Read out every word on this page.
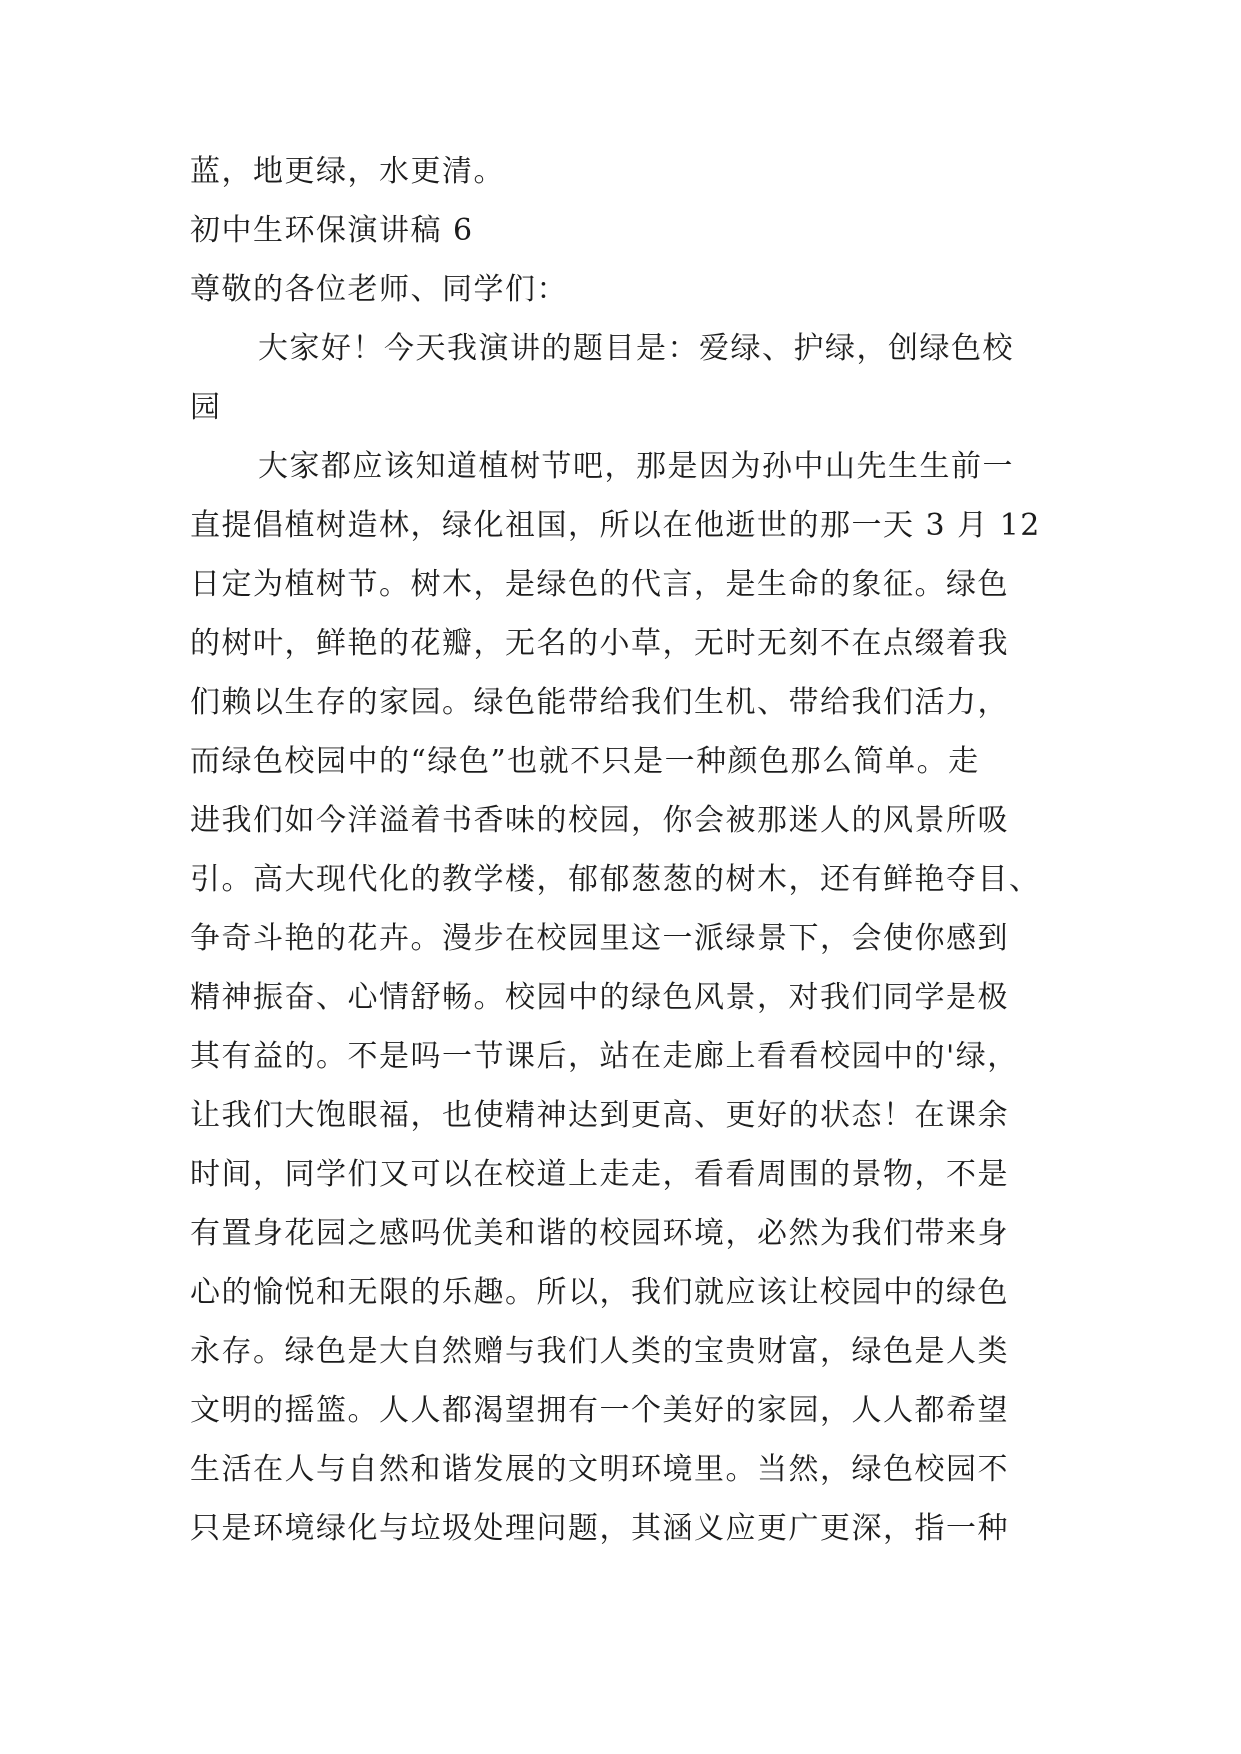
蓝，地更绿，水更清。
初中生环保演讲稿 6
尊敬的各位老师、同学们：
大家好！今天我演讲的题目是：爱绿、护绿，创绿色校
园
大家都应该知道植树节吧，那是因为孙中山先生生前一
直提倡植树造林，绿化祖国，所以在他逝世的那一天 3 月 12
日定为植树节。树木，是绿色的代言，是生命的象征。绿色
的树叶，鲜艳的花瓣，无名的小草，无时无刻不在点缀着我
们赖以生存的家园。绿色能带给我们生机、带给我们活力，
而绿色校园中的“绿色”也就不只是一种颜色那么简单。走
进我们如今洋溢着书香味的校园，你会被那迷人的风景所吸
引。高大现代化的教学楼，郁郁葱葱的树木，还有鲜艳夺目、
争奇斗艳的花卉。漫步在校园里这一派绿景下，会使你感到
精神振奋、心情舒畅。校园中的绿色风景，对我们同学是极
其有益的。不是吗一节课后，站在走廊上看看校园中的'绿，
让我们大饱眼福，也使精神达到更高、更好的状态！在课余
时间，同学们又可以在校道上走走，看看周围的景物，不是
有置身花园之感吗优美和谐的校园环境，必然为我们带来身
心的愉悦和无限的乐趣。所以，我们就应该让校园中的绿色
永存。绿色是大自然赠与我们人类的宝贵财富，绿色是人类
文明的摇篮。人人都渴望拥有一个美好的家园，人人都希望
生活在人与自然和谐发展的文明环境里。当然，绿色校园不
只是环境绿化与垃圾处理问题，其涵义应更广更深，指一种
